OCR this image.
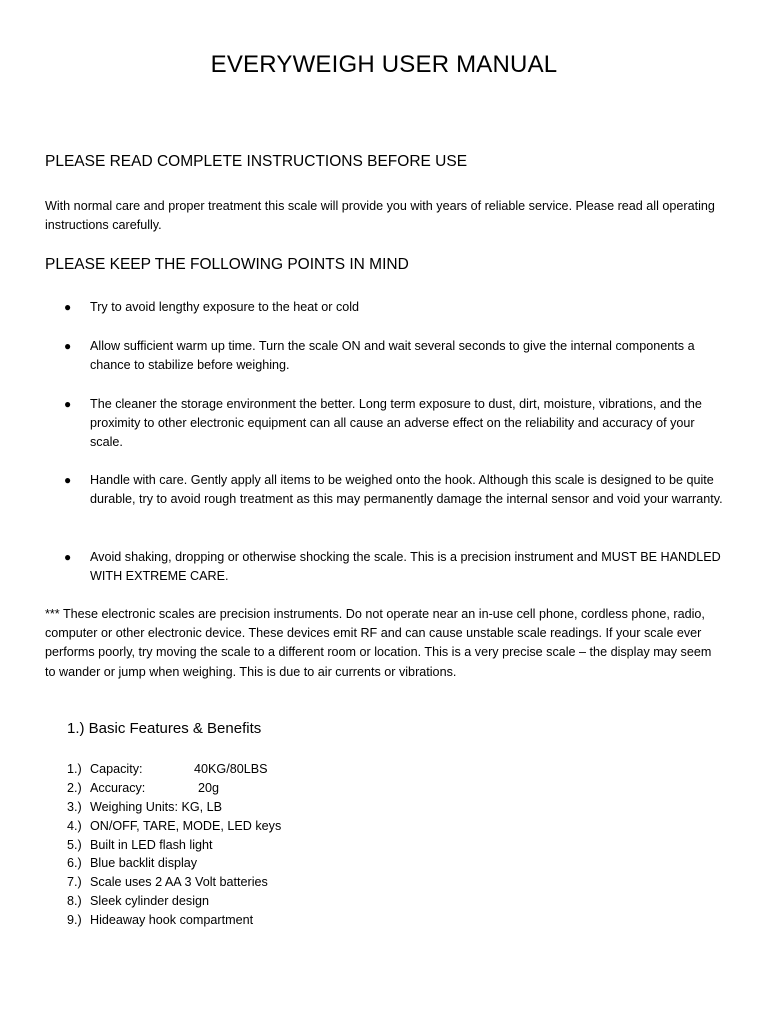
EVERYWEIGH USER MANUAL
PLEASE READ COMPLETE INSTRUCTIONS BEFORE USE
With normal care and proper treatment this scale will provide you with years of reliable service. Please read all operating instructions carefully.
PLEASE KEEP THE FOLLOWING POINTS IN MIND
● Try to avoid lengthy exposure to the heat or cold
● Allow sufficient warm up time. Turn the scale ON and wait several seconds to give the internal components a chance to stabilize before weighing.
● The cleaner the storage environment the better. Long term exposure to dust, dirt, moisture, vibrations, and the proximity to other electronic equipment can all cause an adverse effect on the reliability and accuracy of your scale.
● Handle with care. Gently apply all items to be weighed onto the hook. Although this scale is designed to be quite durable, try to avoid rough treatment as this may permanently damage the internal sensor and void your warranty.
● Avoid shaking, dropping or otherwise shocking the scale. This is a precision instrument and MUST BE HANDLED WITH EXTREME CARE.
*** These electronic scales are precision instruments. Do not operate near an in-use cell phone, cordless phone, radio, computer or other electronic device. These devices emit RF and can cause unstable scale readings. If your scale ever performs poorly, try moving the scale to a different room or location. This is a very precise scale – the display may seem to wander or jump when weighing. This is due to air currents or vibrations.
1.) Basic Features & Benefits
1.) Capacity:	40KG/80LBS
2.) Accuracy:	20g
3.) Weighing Units: KG, LB
4.) ON/OFF, TARE, MODE, LED keys
5.) Built in LED flash light
6.) Blue backlit display
7.) Scale uses 2 AA 3 Volt batteries
8.) Sleek cylinder design
9.) Hideaway hook compartment
